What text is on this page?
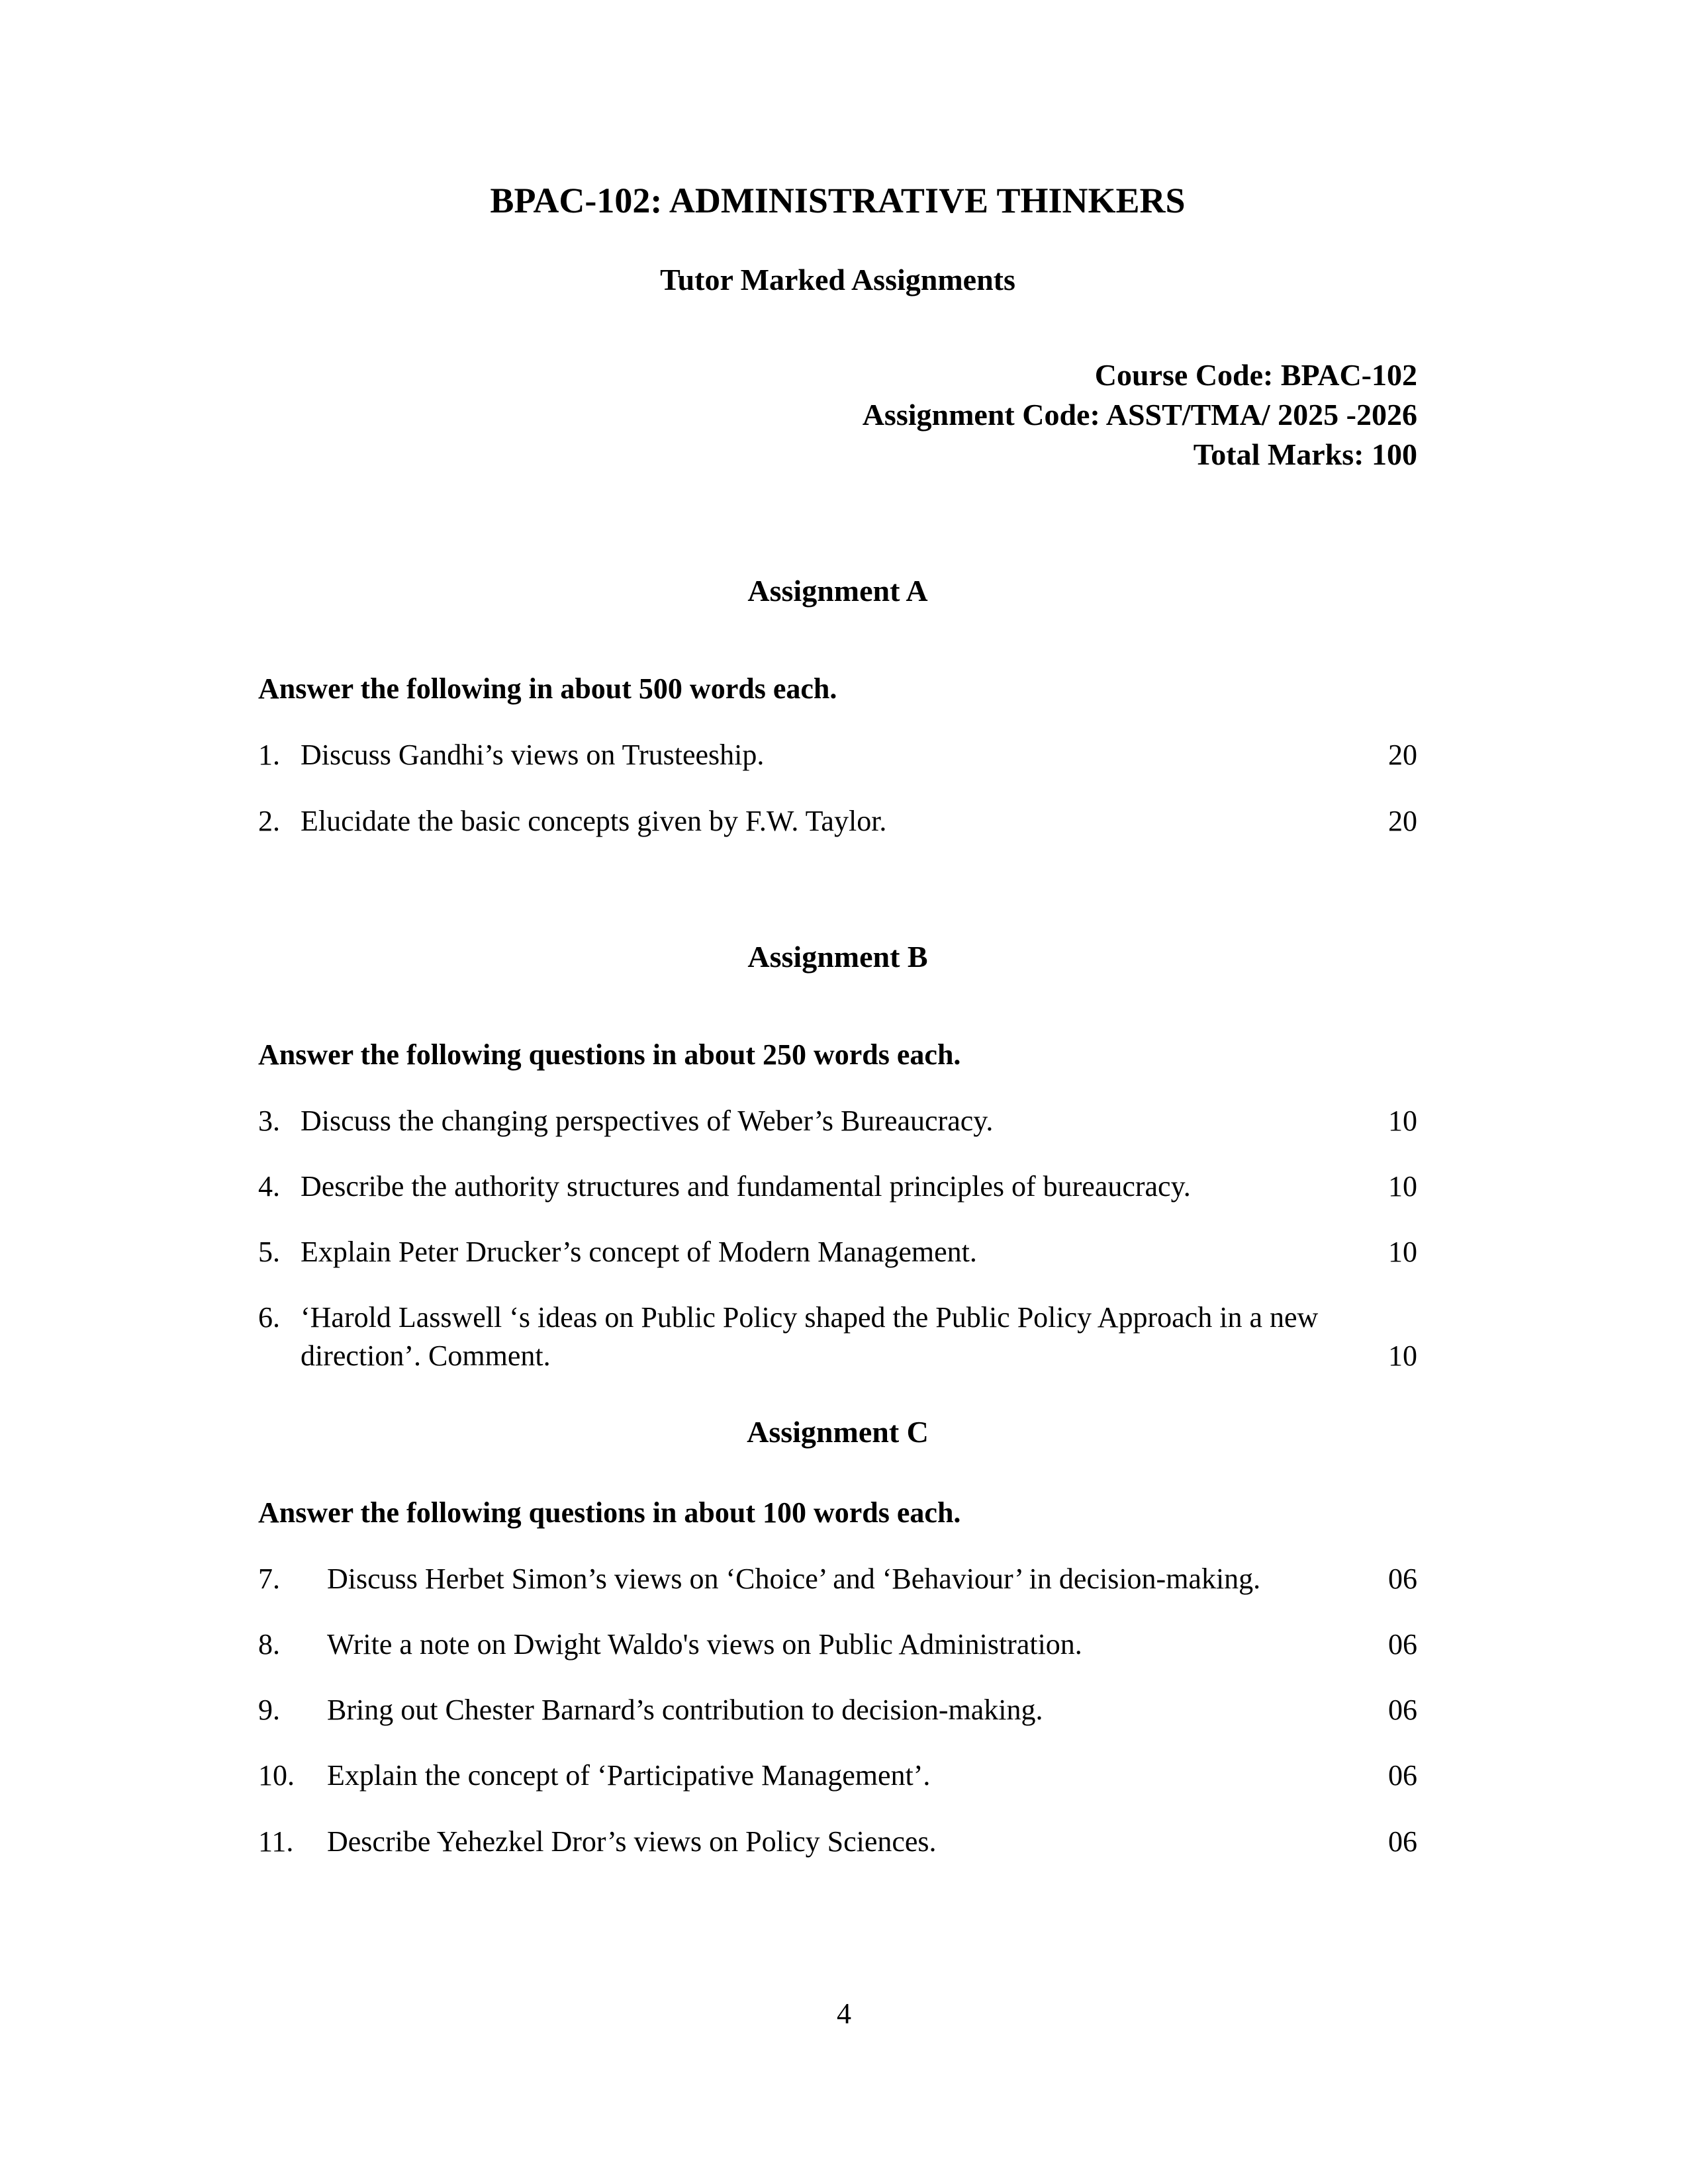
BPAC-102: ADMINISTRATIVE THINKERS
Tutor Marked Assignments
Course Code: BPAC-102
Assignment Code: ASST/TMA/ 2025 -2026
Total Marks: 100
Assignment A
Answer the following in about 500 words each.
1. Discuss Gandhi’s views on Trusteeship.	20
2. Elucidate the basic concepts given by F.W. Taylor.	20
Assignment B
Answer the following questions in about 250 words each.
3. Discuss the changing perspectives of Weber’s Bureaucracy.	10
4. Describe the authority structures and fundamental principles of bureaucracy.	10
5. Explain Peter Drucker’s concept of Modern Management.	10
6. ‘Harold Lasswell ‘s ideas on Public Policy shaped the Public Policy Approach in a new direction’. Comment.	10
Assignment C
Answer the following questions in about 100 words each.
7.	Discuss Herbet Simon’s views on ‘Choice’ and ‘Behaviour’ in decision-making.	06
8.	Write a note on Dwight Waldo's views on Public Administration.	06
9.	Bring out Chester Barnard’s contribution to decision-making.	06
10.	Explain the concept of ‘Participative Management’.	06
11.	Describe Yehezkel Dror’s views on Policy Sciences.	06
4
